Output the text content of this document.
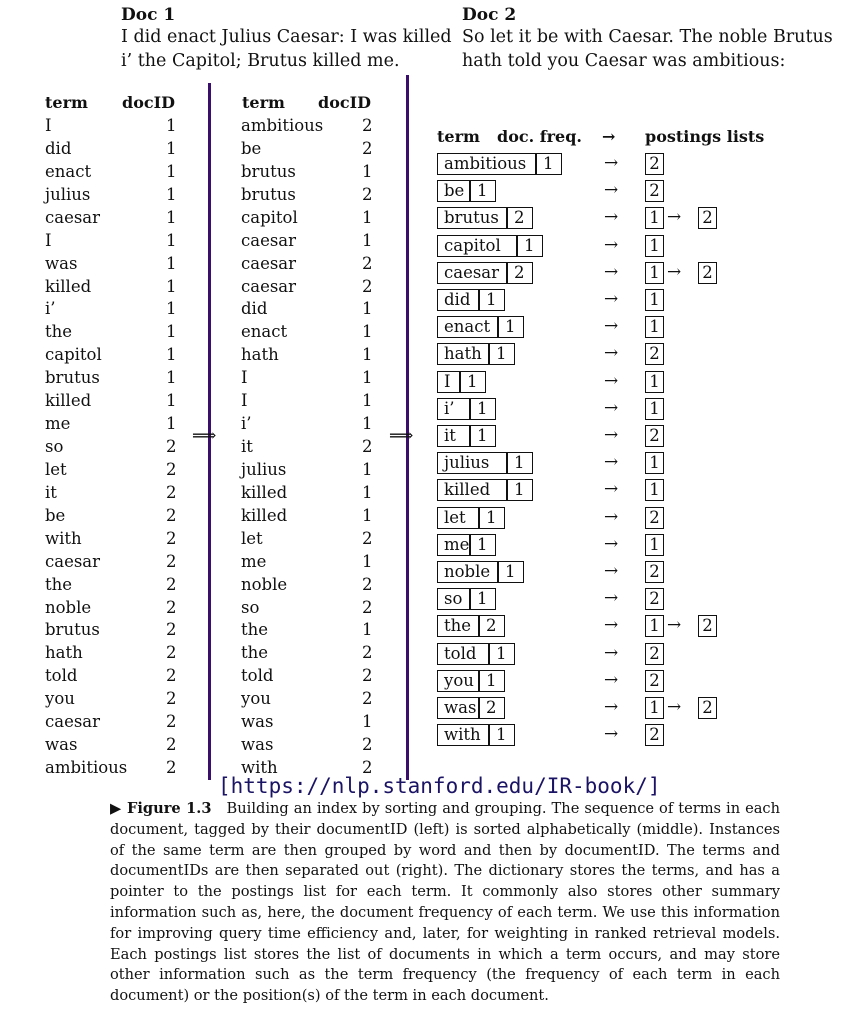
Doc 1
I did enact Julius Caesar: I was killed
i’ the Capitol; Brutus killed me.
Doc 2
So let it be with Caesar. The noble Brutus
hath told you Caesar was ambitious:
term docID
I	1
did	1
enact	1
julius	1
caesar	1
I	1
was	1
killed	1
i’	1
the	1
capitol	1
brutus	1
killed	1
me	1
so	2
let	2
it	2
be	2
with	2
caesar	2
the	2
noble	2
brutus	2
hath	2
told	2
you	2
caesar	2
was	2
ambitious 2
⟹	⟹
term docID
ambitious 2
be	2
brutus	1
brutus	2
capitol	1
caesar	1
caesar	2
caesar	2
did	1
enact	1
hath	1
I	1
I	1
i’	1
it	2
julius	1
killed	1
killed	1
let	2
me	1
noble	2
so	2
the	1
the	2
told	2
you	2
was	1
was	2
with	2
term doc. freq. → postings lists
ambitious	1	→ 2
be 1	→ 2
brutus 2	→ 1 → 2
capitol	1	→ 1
caesar 2	→ 1 → 2
did 1	→ 1
enact 1	→ 1
hath 1	→ 2
I 1	→ 1
i’	1	→ 1
it	1	→ 2
julius	1	→ 1
killed	1	→ 1
let	1	→ 2
me 1	→ 1
noble 1	→ 2
so 1	→ 2
the 2	→ 1 → 2
told	1	→ 2
you 1	→ 2
was 2	→ 1 → 2
with 1	→ 2
[https://nlp.stanford.edu/IR-book/]
▶ Figure 1.3 Building an index by sorting and grouping. The sequence of terms in each document, tagged by their documentID (left) is sorted alphabetically (middle). Instances of the same term are then grouped by word and then by documentID. The terms and documentIDs are then separated out (right). The dictionary stores the terms, and has a pointer to the postings list for each term. It commonly also stores other summary information such as, here, the document frequency of each term. We use this information for improving query time efficiency and, later, for weighting in ranked retrieval models. Each postings list stores the list of documents in which a term occurs, and may store other information such as the term frequency (the frequency of each term in each document) or the position(s) of the term in each document.
